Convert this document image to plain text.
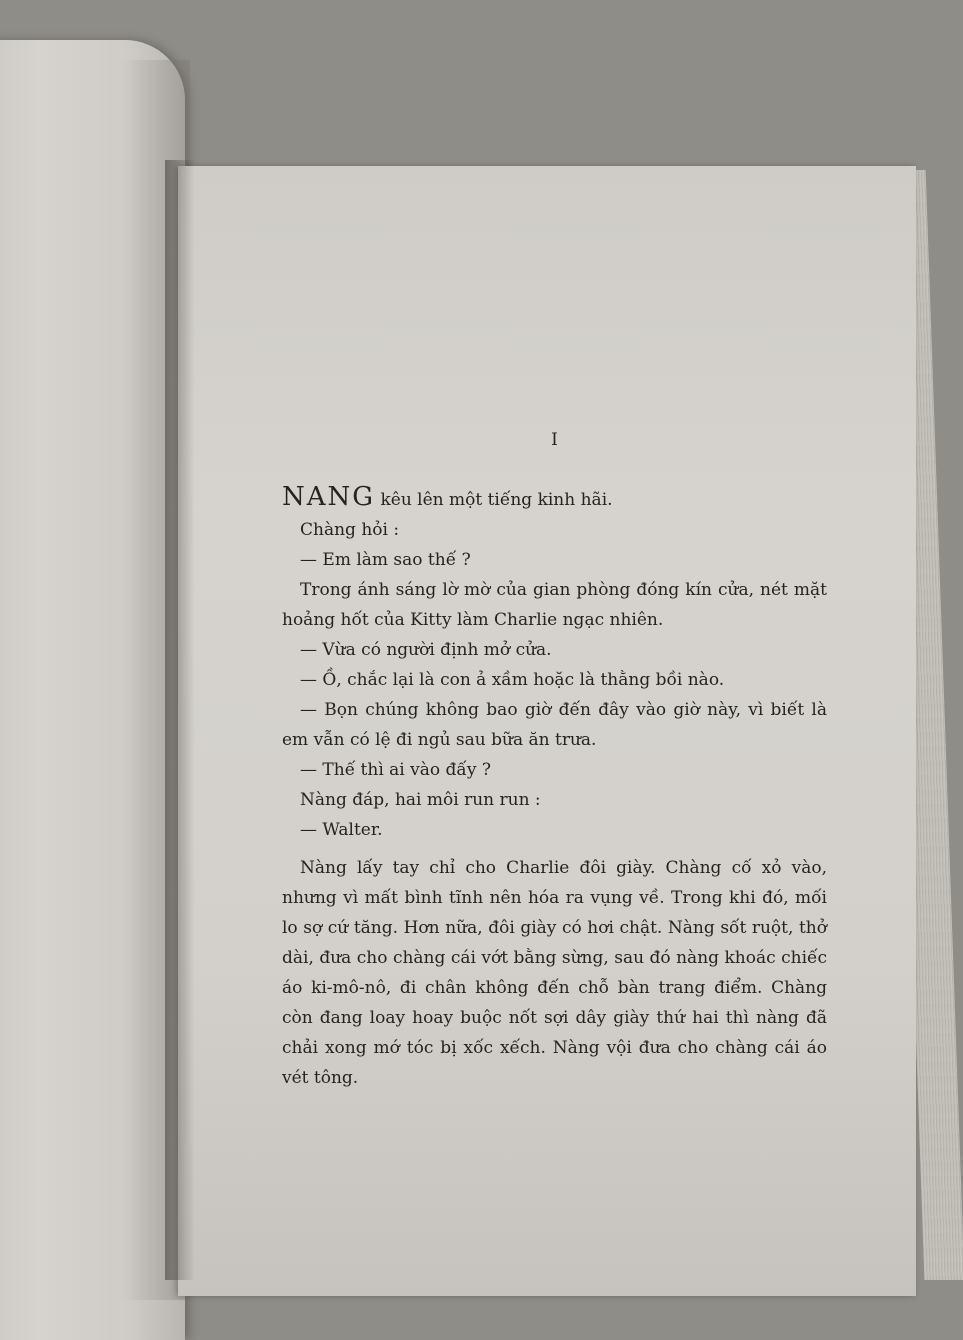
I

NANG kêu lên một tiếng kinh hãi.

Chàng hỏi :

— Em làm sao thế ?

Trong ánh sáng lờ mờ của gian phòng đóng kín cửa, nét mặt hoảng hốt của Kitty làm Charlie ngạc nhiên.

— Vừa có người định mở cửa.

— Ồ, chắc lại là con ả xầm hoặc là thằng bồi nào.

— Bọn chúng không bao giờ đến đây vào giờ này, vì biết là em vẫn có lệ đi ngủ sau bữa ăn trưa.

— Thế thì ai vào đấy ?

Nàng đáp, hai môi run run :

— Walter.

Nàng lấy tay chỉ cho Charlie đôi giày. Chàng cố xỏ vào, nhưng vì mất bình tĩnh nên hóa ra vụng về. Trong khi đó, mối lo sợ cứ tăng. Hơn nữa, đôi giày có hơi chật. Nàng sốt ruột, thở dài, đưa cho chàng cái vớt bằng sừng, sau đó nàng khoác chiếc áo ki-mô-nô, đi chân không đến chỗ bàn trang điểm. Chàng còn đang loay hoay buộc nốt sợi dây giày thứ hai thì nàng đã chải xong mớ tóc bị xốc xếch. Nàng vội đưa cho chàng cái áo vét tông.
